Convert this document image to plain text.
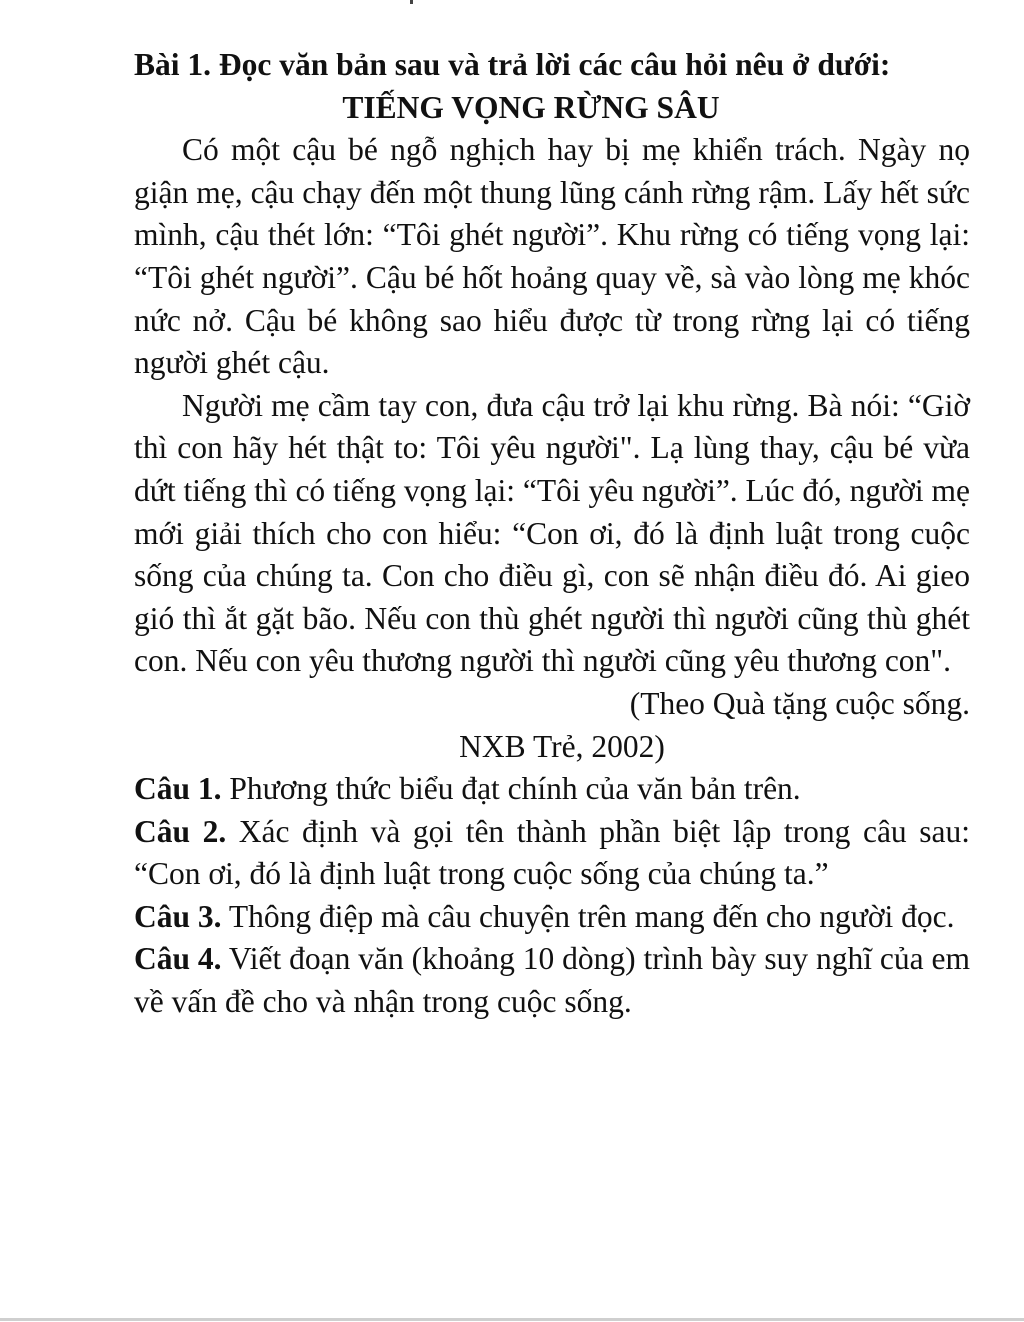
Bài 1. Đọc văn bản sau và trả lời các câu hỏi nêu ở dưới:

TIẾNG VỌNG RỪNG SÂU

Có một cậu bé ngỗ nghịch hay bị mẹ khiển trách. Ngày nọ giận mẹ, cậu chạy đến một thung lũng cánh rừng rậm. Lấy hết sức mình, cậu thét lớn: “Tôi ghét người”. Khu rừng có tiếng vọng lại: “Tôi ghét người”. Cậu bé hốt hoảng quay về, sà vào lòng mẹ khóc nức nở. Cậu bé không sao hiểu được từ trong rừng lại có tiếng người ghét cậu.

Người mẹ cầm tay con, đưa cậu trở lại khu rừng. Bà nói: “Giờ thì con hãy hét thật to: Tôi yêu người". Lạ lùng thay, cậu bé vừa dứt tiếng thì có tiếng vọng lại: “Tôi yêu người”. Lúc đó, người mẹ mới giải thích cho con hiểu: “Con ơi, đó là định luật trong cuộc sống của chúng ta. Con cho điều gì, con sẽ nhận điều đó. Ai gieo gió thì ắt gặt bão. Nếu con thù ghét người thì người cũng thù ghét con. Nếu con yêu thương người thì người cũng yêu thương con".

(Theo Quà tặng cuộc sống.

NXB Trẻ, 2002)

Câu 1. Phương thức biểu đạt chính của văn bản trên.

Câu 2. Xác định và gọi tên thành phần biệt lập trong câu sau: “Con ơi, đó là định luật trong cuộc sống của chúng ta.”

Câu 3. Thông điệp mà câu chuyện trên mang đến cho người đọc.

Câu 4. Viết đoạn văn (khoảng 10 dòng) trình bày suy nghĩ của em về vấn đề cho và nhận trong cuộc sống.
